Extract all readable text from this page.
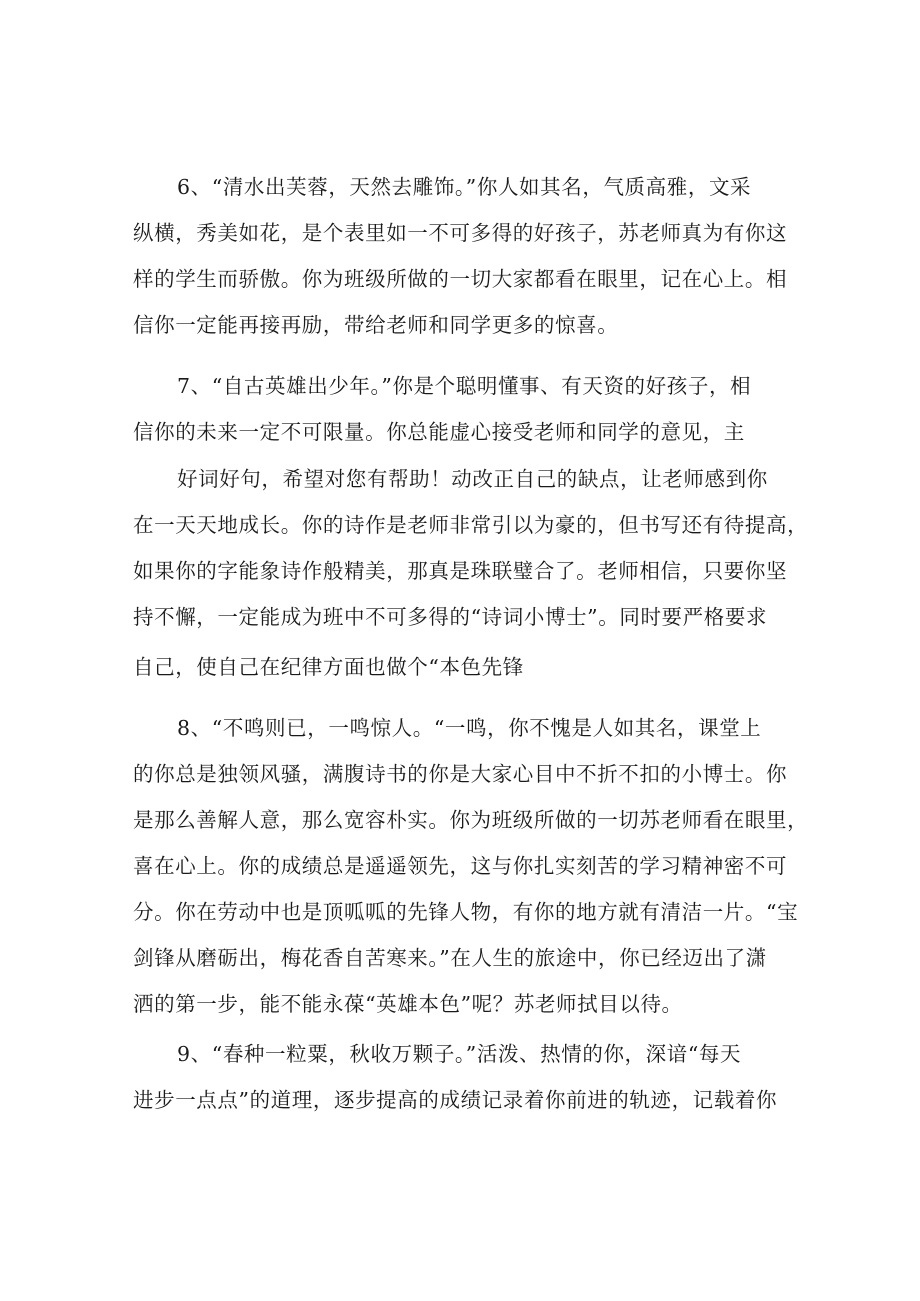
6、“清水出芙蓉，天然去雕饰。”你人如其名，气质高雅，文采
纵横，秀美如花，是个表里如一不可多得的好孩子，苏老师真为有你这
样的学生而骄傲。你为班级所做的一切大家都看在眼里，记在心上。相
信你一定能再接再励，带给老师和同学更多的惊喜。
7、“自古英雄出少年。”你是个聪明懂事、有天资的好孩子，相
信你的未来一定不可限量。你总能虚心接受老师和同学的意见，主
好词好句，希望对您有帮助！动改正自己的缺点，让老师感到你
在一天天地成长。你的诗作是老师非常引以为豪的，但书写还有待提高，
如果你的字能象诗作般精美，那真是珠联璧合了。老师相信，只要你坚
持不懈，一定能成为班中不可多得的“诗词小博士”。同时要严格要求
自己，使自己在纪律方面也做个“本色先锋
8、“不鸣则已，一鸣惊人。“一鸣，你不愧是人如其名，课堂上
的你总是独领风骚，满腹诗书的你是大家心目中不折不扣的小博士。你
是那么善解人意，那么宽容朴实。你为班级所做的一切苏老师看在眼里，
喜在心上。你的成绩总是遥遥领先，这与你扎实刻苦的学习精神密不可
分。你在劳动中也是顶呱呱的先锋人物，有你的地方就有清洁一片。“宝
剑锋从磨砺出，梅花香自苦寒来。”在人生的旅途中，你已经迈出了潇
洒的第一步，能不能永葆“英雄本色”呢？苏老师拭目以待。
9、“春种一粒粟，秋收万颗子。”活泼、热情的你，深谙“每天
进步一点点”的道理，逐步提高的成绩记录着你前进的轨迹，记载着你
